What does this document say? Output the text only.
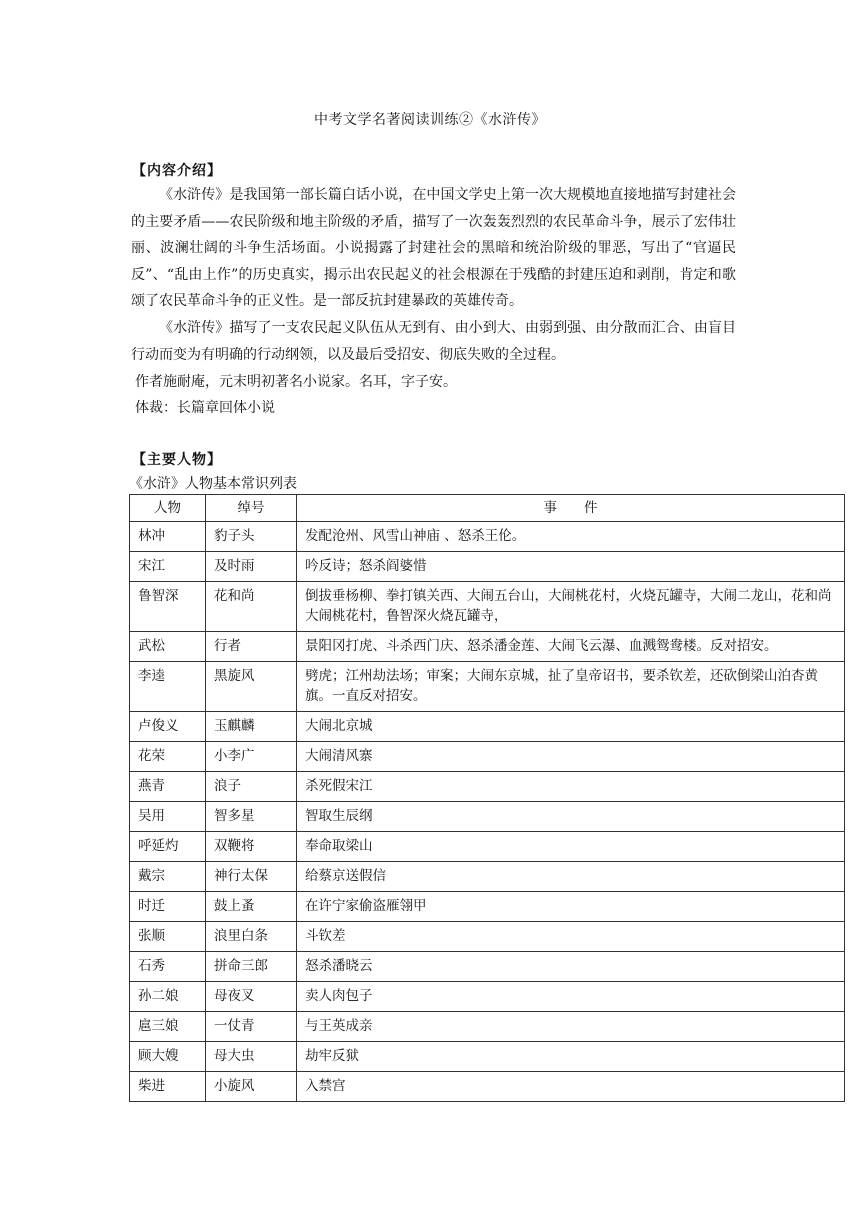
中考文学名著阅读训练②《水浒传》
【内容介绍】

《水浒传》是我国第一部长篇白话小说，在中国文学史上第一次大规模地直接地描写封建社会的主要矛盾——农民阶级和地主阶级的矛盾，描写了一次轰轰烈烈的农民革命斗争，展示了宏伟壮丽、波澜壮阔的斗争生活场面。小说揭露了封建社会的黑暗和统治阶级的罪恶，写出了“官逼民反”、“乱由上作”的历史真实，揭示出农民起义的社会根源在于残酷的封建压迫和剥削，肯定和歌颂了农民革命斗争的正义性。是一部反抗封建暴政的英雄传奇。

《水浒传》描写了一支农民起义队伍从无到有、由小到大、由弱到强、由分散而汇合、由盲目行动而变为有明确的行动纲领，以及最后受招安、彻底失败的全过程。

作者施耐庵，元末明初著名小说家。名耳，字子安。
体裁：长篇章回体小说
【主要人物】
《水浒》人物基本常识列表
人物	绰号	事　　件
林冲	豹子头	发配沧州、风雪山神庙 、怒杀王伦。
宋江	及时雨	吟反诗；怒杀阎婆惜
鲁智深	花和尚	倒拔垂杨柳、拳打镇关西、大闹五台山，大闹桃花村，火烧瓦罐寺，大闹二龙山，花和尚大闹桃花村，鲁智深火烧瓦罐寺，
武松	行者	景阳冈打虎、斗杀西门庆、怒杀潘金莲、大闹飞云瀑、血溅鸳鸯楼。反对招安。
李逵	黑旋风	劈虎；江州劫法场；审案；大闹东京城，扯了皇帝诏书，要杀钦差，还砍倒梁山泊杏黄旗。一直反对招安。
卢俊义	玉麒麟	大闹北京城
花荣	小李广	大闹清风寨
燕青	浪子	杀死假宋江
吴用	智多星	智取生辰纲
呼延灼	双鞭将	奉命取梁山
戴宗	神行太保	给蔡京送假信
时迁	鼓上蚤	在许宁家偷盗雁翎甲
张顺	浪里白条	斗钦差
石秀	拼命三郎	怒杀潘晓云
孙二娘	母夜叉	卖人肉包子
扈三娘	一仗青	与王英成亲
顾大嫂	母大虫	劫牢反狱
柴进	小旋风	入禁宫
